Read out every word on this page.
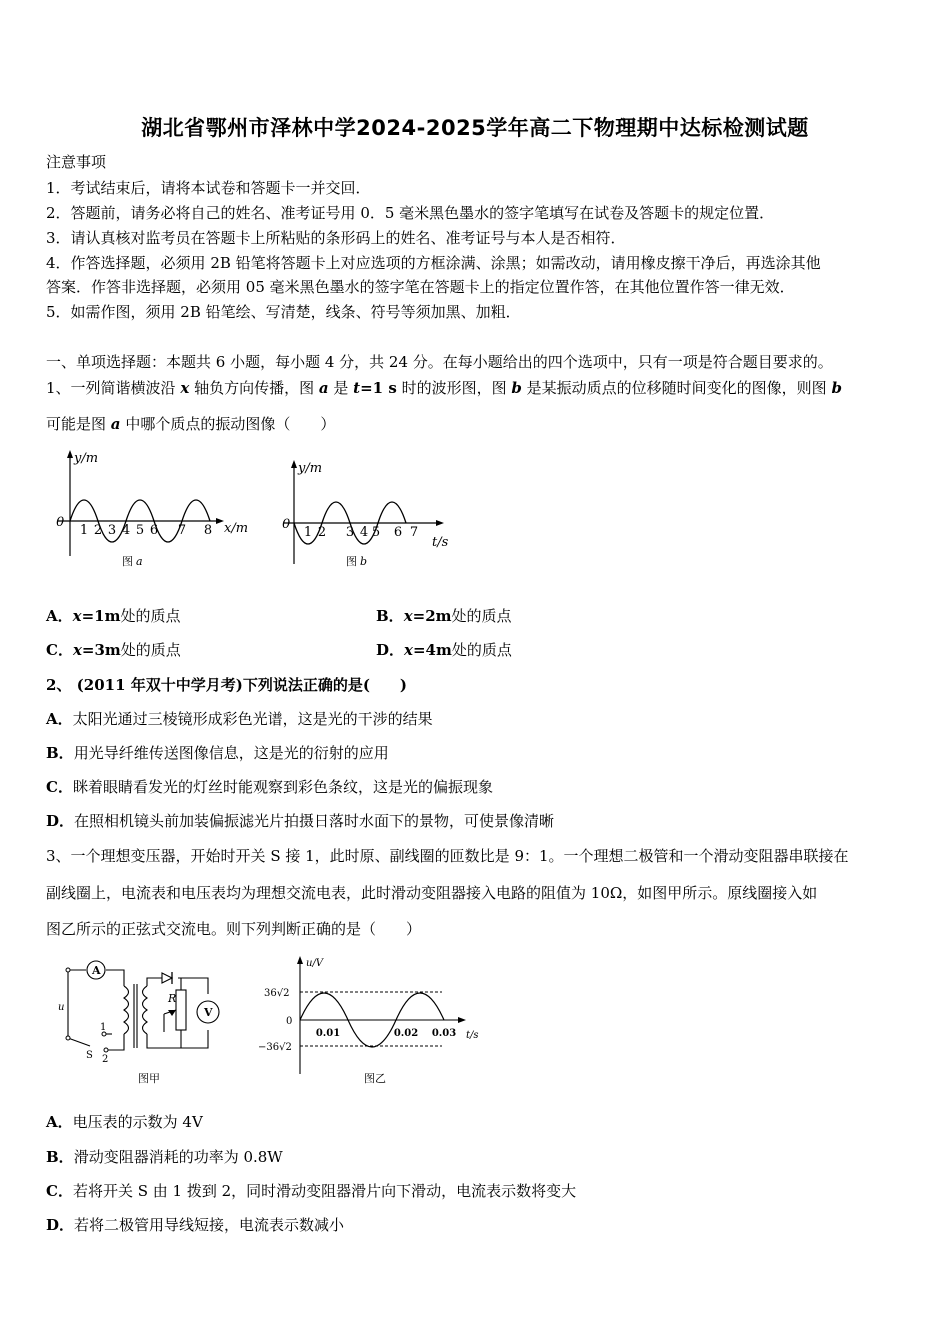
湖北省鄂州市泽林中学2024-2025学年高二下物理期中达标检测试题
注意事项
1．考试结束后，请将本试卷和答题卡一并交回．
2．答题前，请务必将自己的姓名、准考证号用 0．5 毫米黑色墨水的签字笔填写在试卷及答题卡的规定位置．
3．请认真核对监考员在答题卡上所粘贴的条形码上的姓名、准考证号与本人是否相符．
4．作答选择题，必须用 2B 铅笔将答题卡上对应选项的方框涂满、涂黑；如需改动，请用橡皮擦干净后，再选涂其他
答案．作答非选择题，必须用 05 毫米黑色墨水的签字笔在答题卡上的指定位置作答，在其他位置作答一律无效．
5．如需作图，须用 2B 铅笔绘、写清楚，线条、符号等须加黑、加粗．
一、单项选择题：本题共 6 小题，每小题 4 分，共 24 分。在每小题给出的四个选项中，只有一项是符合题目要求的。
1、一列简谐横波沿 x 轴负方向传播，图 a 是 t=1 s 时的波形图，图 b 是某振动质点的位移随时间变化的图像，则图 b
可能是图 a 中哪个质点的振动图像（　　）
y/m
x/m
0
1 2 3 4 5 6 7 8
图 a
y/m
t/s
0
1 2 3 4 5 6 7
图 b
A．x=1m处的质点	B．x=2m处的质点
C．x=3m处的质点	D．x=4m处的质点
2、 (2011 年双十中学月考)下列说法正确的是(　　)
A．太阳光通过三棱镜形成彩色光谱，这是光的干涉的结果
B．用光导纤维传送图像信息，这是光的衍射的应用
C．眯着眼睛看发光的灯丝时能观察到彩色条纹，这是光的偏振现象
D．在照相机镜头前加装偏振滤光片拍摄日落时水面下的景物，可使景像清晰
3、一个理想变压器，开始时开关 S 接 1，此时原、副线圈的匝数比是 9：1。一个理想二极管和一个滑动变阻器串联接在
副线圈上，电流表和电压表均为理想交流电表，此时滑动变阻器接入电路的阻值为 10Ω，如图甲所示。原线圈接入如
图乙所示的正弦式交流电。则下列判断正确的是（　　）
A
V
R
u
S
1
2
图甲
u/V
t/s
0
36√2
−36√2
0.01	0.02 0.03
图乙
A．电压表的示数为 4V
B．滑动变阻器消耗的功率为 0.8W
C．若将开关 S 由 1 拨到 2，同时滑动变阻器滑片向下滑动，电流表示数将变大
D．若将二极管用导线短接，电流表示数减小
